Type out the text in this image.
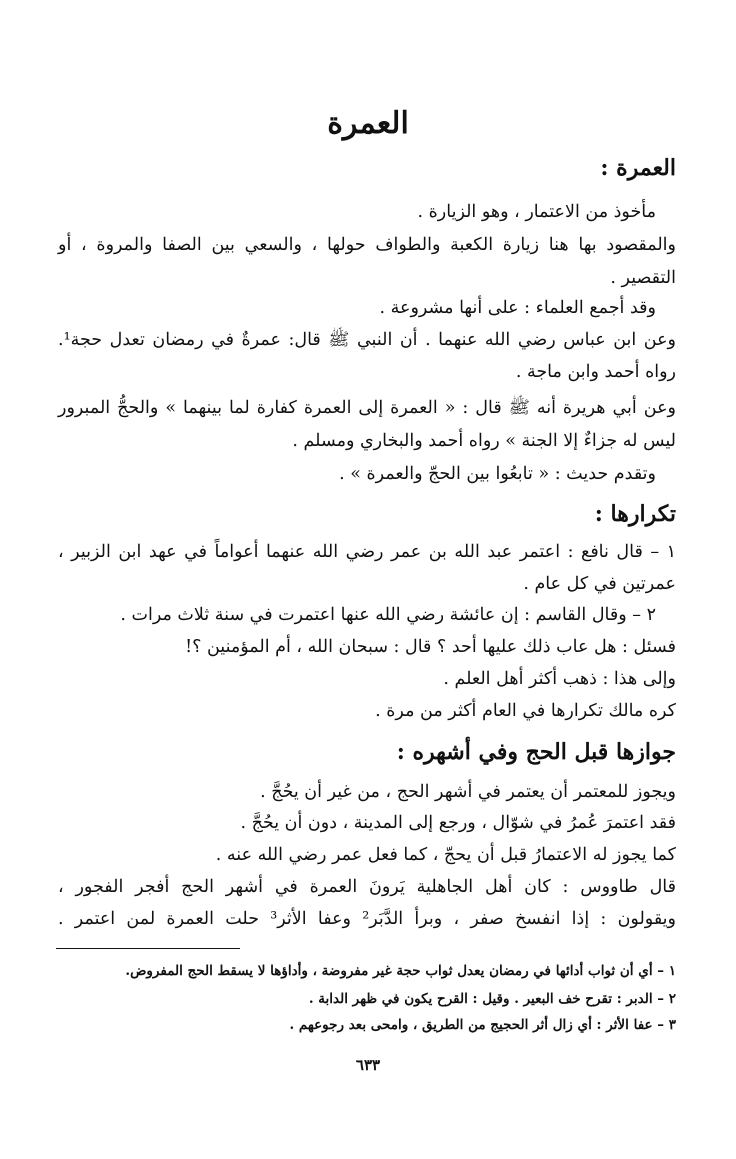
العمرة
العمرة :
مأخوذ من الاعتمار ، وهو الزيارة .
والمقصود بها هنا زيارة الكعبة والطواف حولها ، والسعي بين الصفا والمروة ، أو
التقصير .
وقد أجمع العلماء : على أنها مشروعة .
وعن ابن عباس رضي الله عنهما . أن النبي ﷺ قال: عمرةٌ في رمضان تعدل حجة¹.
رواه أحمد وابن ماجة .
وعن أبي هريرة أنه ﷺ قال : « العمرة إلى العمرة كفارة لما بينهما » والحجُّ المبرور
ليس له جزاءٌ إلا الجنة » رواه أحمد والبخاري ومسلم .
وتقدم حديث : « تابعُوا بين الحجّ والعمرة » .
تكرارها :
١ – قال نافع : اعتمر عبد الله بن عمر رضي الله عنهما أعواماً في عهد ابن الزبير ،
عمرتين في كل عام .
٢ – وقال القاسم : إن عائشة رضي الله عنها اعتمرت في سنة ثلاث مرات .
فسئل : هل عاب ذلك عليها أحد ؟ قال : سبحان الله ، أم المؤمنين ؟!
وإلى هذا : ذهب أكثر أهل العلم .
كره مالك تكرارها في العام أكثر من مرة .
جوازها قبل الحج وفي أشهره :
ويجوز للمعتمر أن يعتمر في أشهر الحج ، من غير أن يحُجَّ .
فقد اعتمرَ عُمرُ في شوّال ، ورجع إلى المدينة ، دون أن يحُجَّ .
كما يجوز له الاعتمارُ قبل أن يحجّ ، كما فعل عمر رضي الله عنه .
قال طاووس : كان أهل الجاهلية يَرونَ العمرة في أشهر الحج أفجر الفجور ،
ويقولون : إذا انفسخ صفر ، وبرأ الدَّبَر² وعفا الأثر³ حلت العمرة لمن اعتمر .
١ – أي أن ثواب أدائها في رمضان يعدل ثواب حجة غير مفروضة ، وأداؤها لا يسقط الحج المفروض.
٢ – الدبر : تقرح خف البعير . وقيل : القرح يكون في ظهر الدابة .
٣ – عفا الأثر : أي زال أثر الحجيج من الطريق ، وامحى بعد رجوعهم .
٦٣٣
